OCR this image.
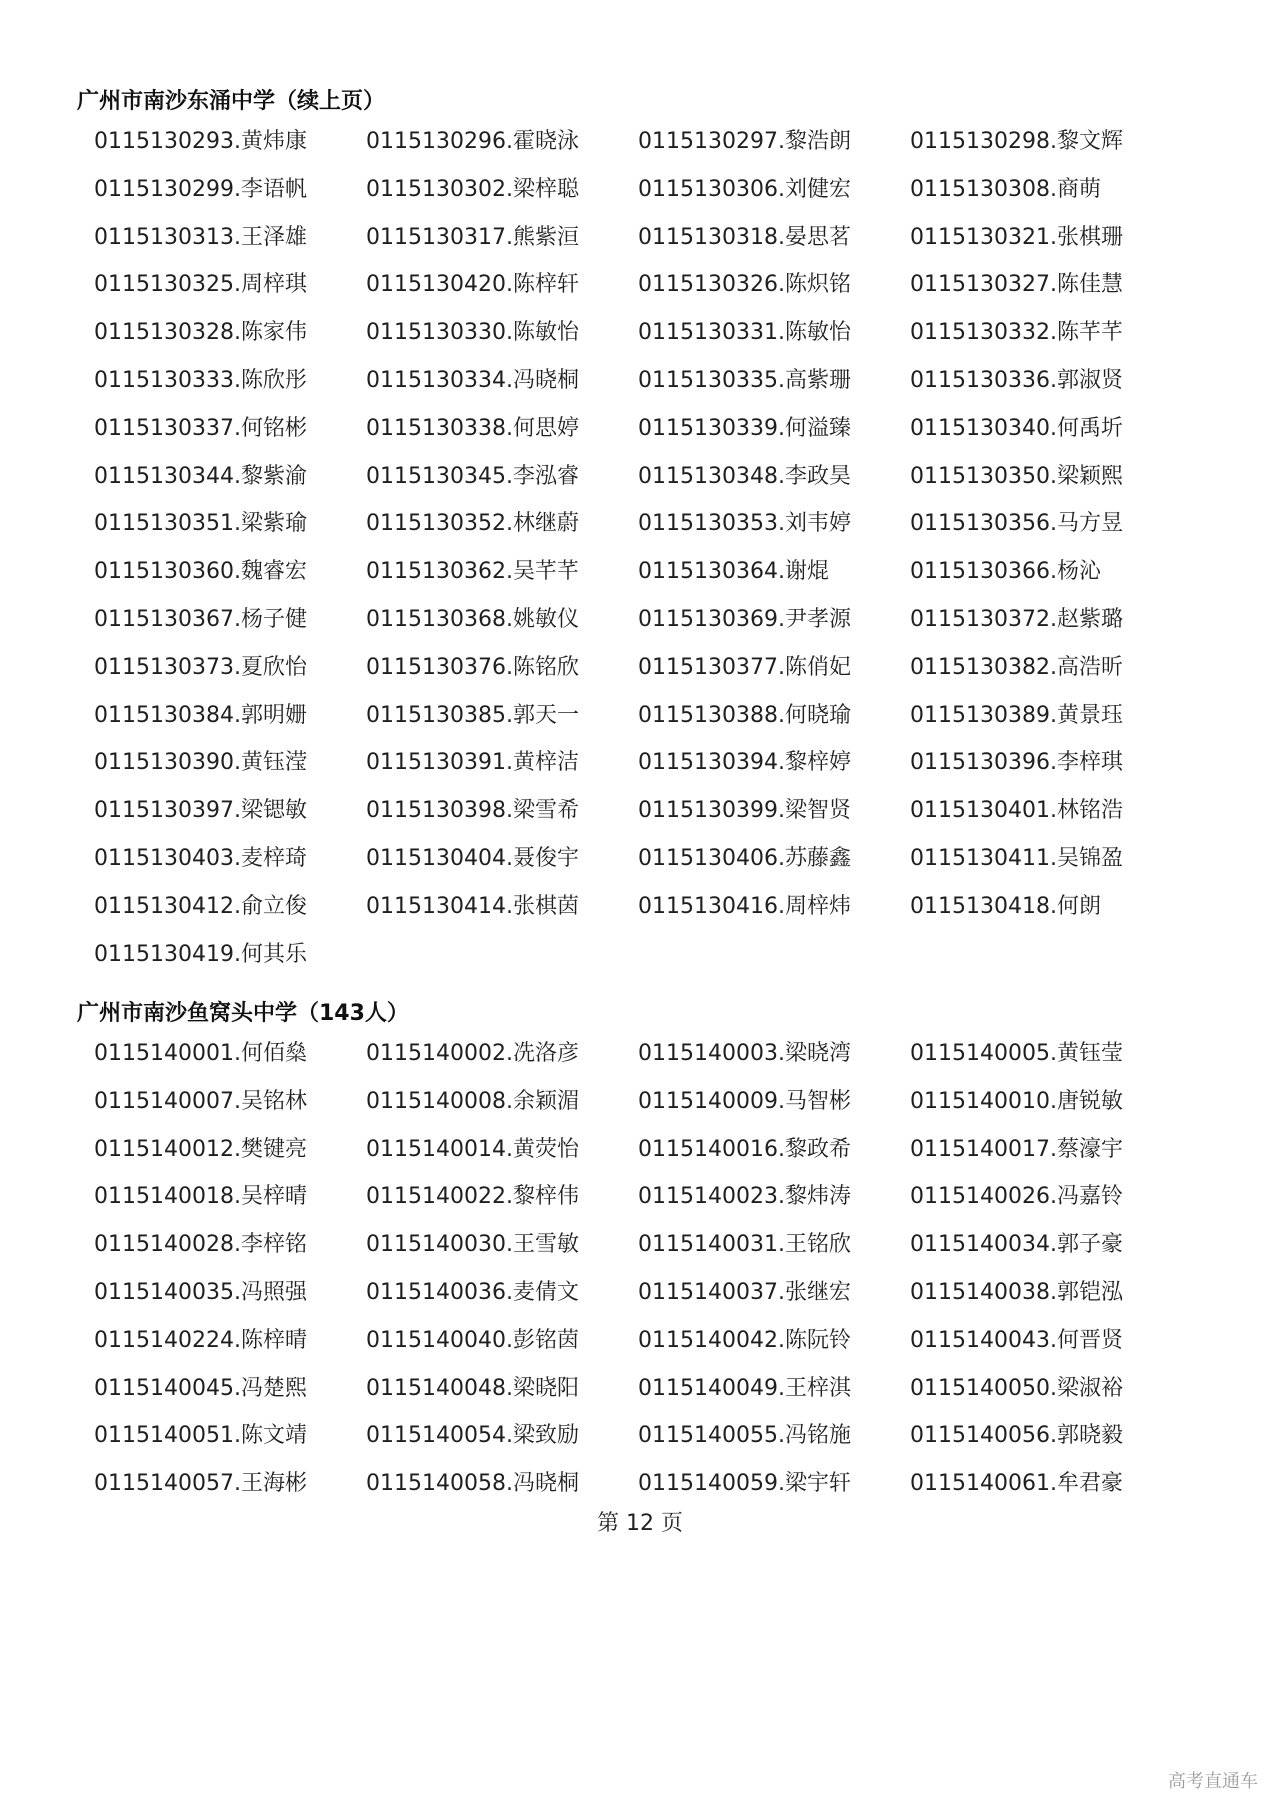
广州市南沙东涌中学（续上页）
0115130293.黄炜康	0115130296.霍晓泳	0115130297.黎浩朗	0115130298.黎文辉
0115130299.李语帆	0115130302.梁梓聪	0115130306.刘健宏	0115130308.商萌
0115130313.王泽雄	0115130317.熊紫洹	0115130318.晏思茗	0115130321.张棋珊
0115130325.周梓琪	0115130420.陈梓轩	0115130326.陈炽铭	0115130327.陈佳慧
0115130328.陈家伟	0115130330.陈敏怡	0115130331.陈敏怡	0115130332.陈芊芊
0115130333.陈欣彤	0115130334.冯晓桐	0115130335.高紫珊	0115130336.郭淑贤
0115130337.何铭彬	0115130338.何思婷	0115130339.何溢臻	0115130340.何禹圻
0115130344.黎紫渝	0115130345.李泓睿	0115130348.李政昊	0115130350.梁颖熙
0115130351.梁紫瑜	0115130352.林继蔚	0115130353.刘韦婷	0115130356.马方昱
0115130360.魏睿宏	0115130362.吴芊芊	0115130364.谢焜	0115130366.杨沁
0115130367.杨子健	0115130368.姚敏仪	0115130369.尹孝源	0115130372.赵紫璐
0115130373.夏欣怡	0115130376.陈铭欣	0115130377.陈俏妃	0115130382.高浩昕
0115130384.郭明姗	0115130385.郭天一	0115130388.何晓瑜	0115130389.黄景珏
0115130390.黄钰滢	0115130391.黄梓洁	0115130394.黎梓婷	0115130396.李梓琪
0115130397.梁锶敏	0115130398.梁雪希	0115130399.梁智贤	0115130401.林铭浩
0115130403.麦梓琦	0115130404.聂俊宇	0115130406.苏藤鑫	0115130411.吴锦盈
0115130412.俞立俊	0115130414.张棋茵	0115130416.周梓炜	0115130418.何朗
0115130419.何其乐
广州市南沙鱼窝头中学（143人）
0115140001.何佰燊	0115140002.冼洛彦	0115140003.梁晓湾	0115140005.黄钰莹
0115140007.吴铭林	0115140008.余颖湄	0115140009.马智彬	0115140010.唐锐敏
0115140012.樊键亮	0115140014.黄荧怡	0115140016.黎政希	0115140017.蔡濠宇
0115140018.吴梓晴	0115140022.黎梓伟	0115140023.黎炜涛	0115140026.冯嘉铃
0115140028.李梓铭	0115140030.王雪敏	0115140031.王铭欣	0115140034.郭子豪
0115140035.冯照强	0115140036.麦倩文	0115140037.张继宏	0115140038.郭铠泓
0115140224.陈梓晴	0115140040.彭铭茵	0115140042.陈阮铃	0115140043.何晋贤
0115140045.冯楚熙	0115140048.梁晓阳	0115140049.王梓淇	0115140050.梁淑裕
0115140051.陈文靖	0115140054.梁致励	0115140055.冯铭施	0115140056.郭晓毅
0115140057.王海彬	0115140058.冯晓桐	0115140059.梁宇轩	0115140061.牟君豪
第 12 页
高考直通车
